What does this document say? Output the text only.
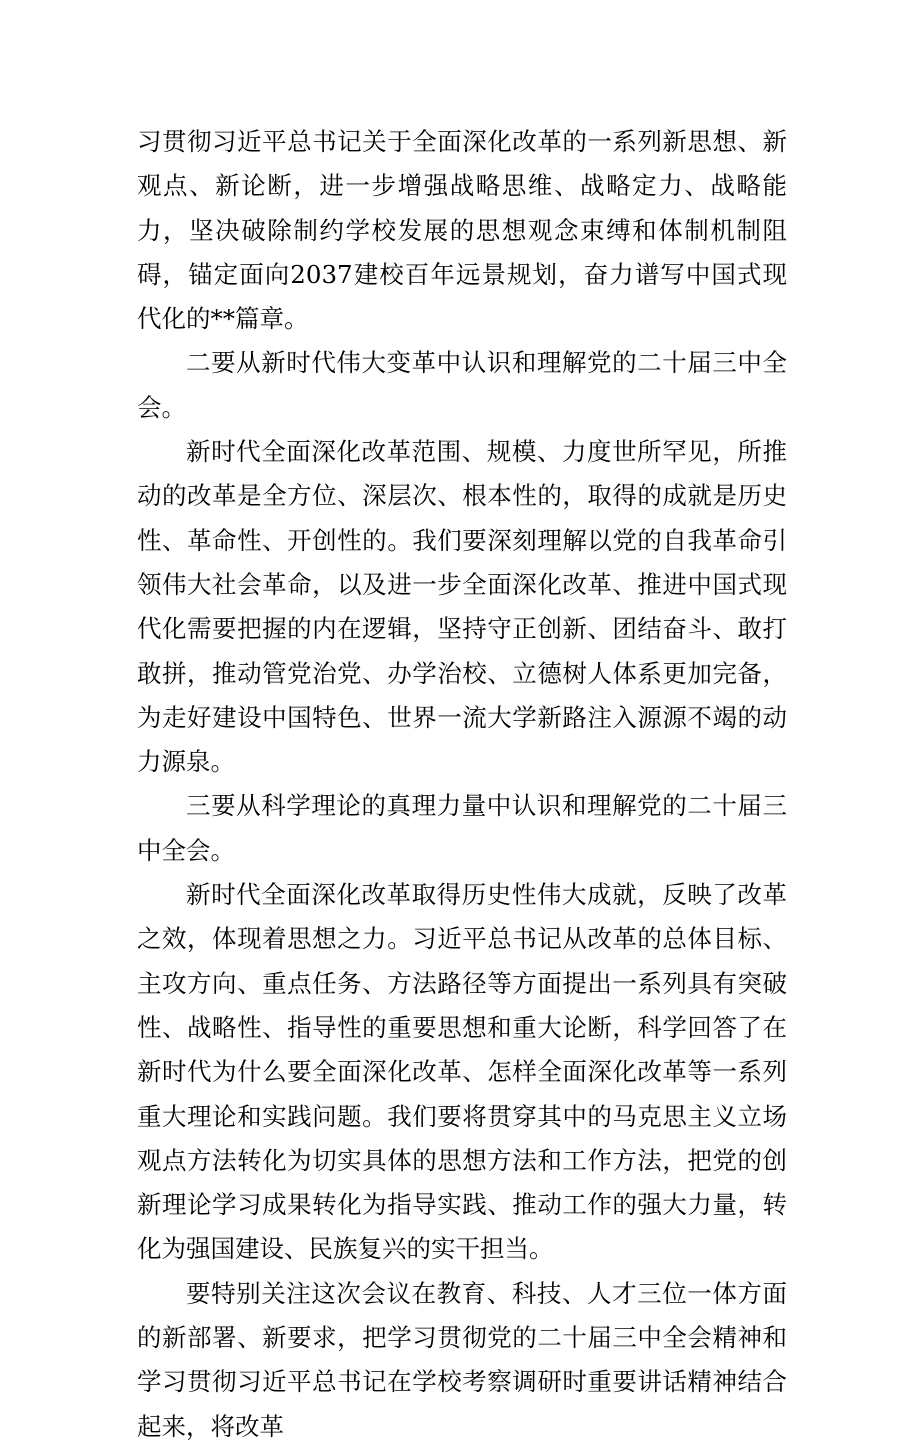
习贯彻习近平总书记关于全面深化改革的一系列新思想、新观点、新论断，进一步增强战略思维、战略定力、战略能力，坚决破除制约学校发展的思想观念束缚和体制机制阻碍，锚定面向2037建校百年远景规划，奋力谱写中国式现代化的**篇章。

二要从新时代伟大变革中认识和理解党的二十届三中全会。

新时代全面深化改革范围、规模、力度世所罕见，所推动的改革是全方位、深层次、根本性的，取得的成就是历史性、革命性、开创性的。我们要深刻理解以党的自我革命引领伟大社会革命，以及进一步全面深化改革、推进中国式现代化需要把握的内在逻辑，坚持守正创新、团结奋斗、敢打敢拼，推动管党治党、办学治校、立德树人体系更加完备，为走好建设中国特色、世界一流大学新路注入源源不竭的动力源泉。

三要从科学理论的真理力量中认识和理解党的二十届三中全会。

新时代全面深化改革取得历史性伟大成就，反映了改革之效，体现着思想之力。习近平总书记从改革的总体目标、主攻方向、重点任务、方法路径等方面提出一系列具有突破性、战略性、指导性的重要思想和重大论断，科学回答了在新时代为什么要全面深化改革、怎样全面深化改革等一系列重大理论和实践问题。我们要将贯穿其中的马克思主义立场观点方法转化为切实具体的思想方法和工作方法，把党的创新理论学习成果转化为指导实践、推动工作的强大力量，转化为强国建设、民族复兴的实干担当。

要特别关注这次会议在教育、科技、人才三位一体方面的新部署、新要求，把学习贯彻党的二十届三中全会精神和学习贯彻习近平总书记在学校考察调研时重要讲话精神结合起来，将改革
